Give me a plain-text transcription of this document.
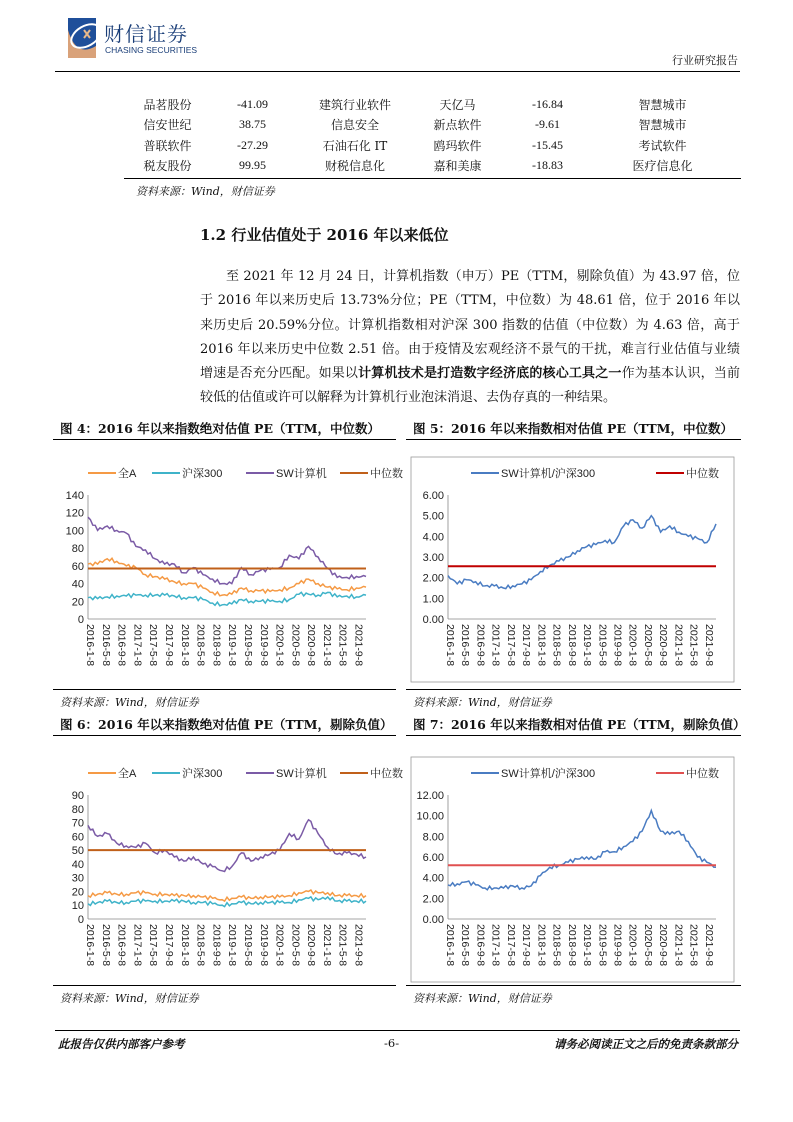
财信证券
CHASING SECURITIES
行业研究报告
品茗股份	-41.09	建筑行业软件	天亿马	-16.84	智慧城市
信安世纪	38.75	信息安全	新点软件	-9.61	智慧城市
普联软件	-27.29	石油石化 IT	鸥玛软件	-15.45	考试软件
税友股份	99.95	财税信息化	嘉和美康	-18.83	医疗信息化
资料来源：Wind，财信证券
1.2 行业估值处于 2016 年以来低位

至 2021 年 12 月 24 日，计算机指数（申万）PE（TTM，剔除负值）为 43.97 倍，位于 2016 年以来历史后 13.73%分位；PE（TTM，中位数）为 48.61 倍，位于 2016 年以来历史后 20.59%分位。计算机指数相对沪深 300 指数的估值（中位数）为 4.63 倍，高于 2016 年以来历史中位数 2.51 倍。由于疫情及宏观经济不景气的干扰，难言行业估值与业绩增速是否充分匹配。如果以计算机技术是打造数字经济底的核心工具之一作为基本认识，当前较低的估值或许可以解释为计算机行业泡沫消退、去伪存真的一种结果。

图 4：2016 年以来指数绝对估值 PE（TTM，中位数）	图 5：2016 年以来指数相对估值 PE（TTM，中位数）
全A	沪深300	SW计算机	中位数
0
20
40
60
80
100
120
140
2016-1-8 2016-5-8 2016-9-8 2017-1-8 2017-5-8 2017-9-8 2018-1-8 2018-5-8 2018-9-8 2019-1-8 2019-5-8 2019-9-8 2020-1-8 2020-5-8 2020-9-8 2021-1-8 2021-5-8 2021-9-8
SW计算机/沪深300	中位数
0.00
1.00
2.00
3.00
4.00
5.00
6.00
2016-1-8 2016-5-8 2016-9-8 2017-1-8 2017-5-8 2017-9-8 2018-1-8 2018-5-8 2018-9-8 2019-1-8 2019-5-8 2019-9-8 2020-1-8 2020-5-8 2020-9-8 2021-1-8 2021-5-8 2021-9-8
资料来源：Wind，财信证券	资料来源：Wind，财信证券
图 6：2016 年以来指数绝对估值 PE（TTM，剔除负值） 图 7：2016 年以来指数相对估值 PE（TTM，剔除负值）
全A	沪深300	SW计算机	中位数
0
10
20
30
40
50
60
70
80
90
2016-1-8 2016-5-8 2016-9-8 2017-1-8 2017-5-8 2017-9-8 2018-1-8 2018-5-8 2018-9-8 2019-1-8 2019-5-8 2019-9-8 2020-1-8 2020-5-8 2020-9-8 2021-1-8 2021-5-8 2021-9-8
SW计算机/沪深300	中位数
0.00
2.00
4.00
6.00
8.00
10.00
12.00
2016-1-8 2016-5-8 2016-9-8 2017-1-8 2017-5-8 2017-9-8 2018-1-8 2018-5-8 2018-9-8 2019-1-8 2019-5-8 2019-9-8 2020-1-8 2020-5-8 2020-9-8 2021-1-8 2021-5-8 2021-9-8
资料来源：Wind，财信证券	资料来源：Wind，财信证券
此报告仅供内部客户参考	-6-	请务必阅读正文之后的免责条款部分
